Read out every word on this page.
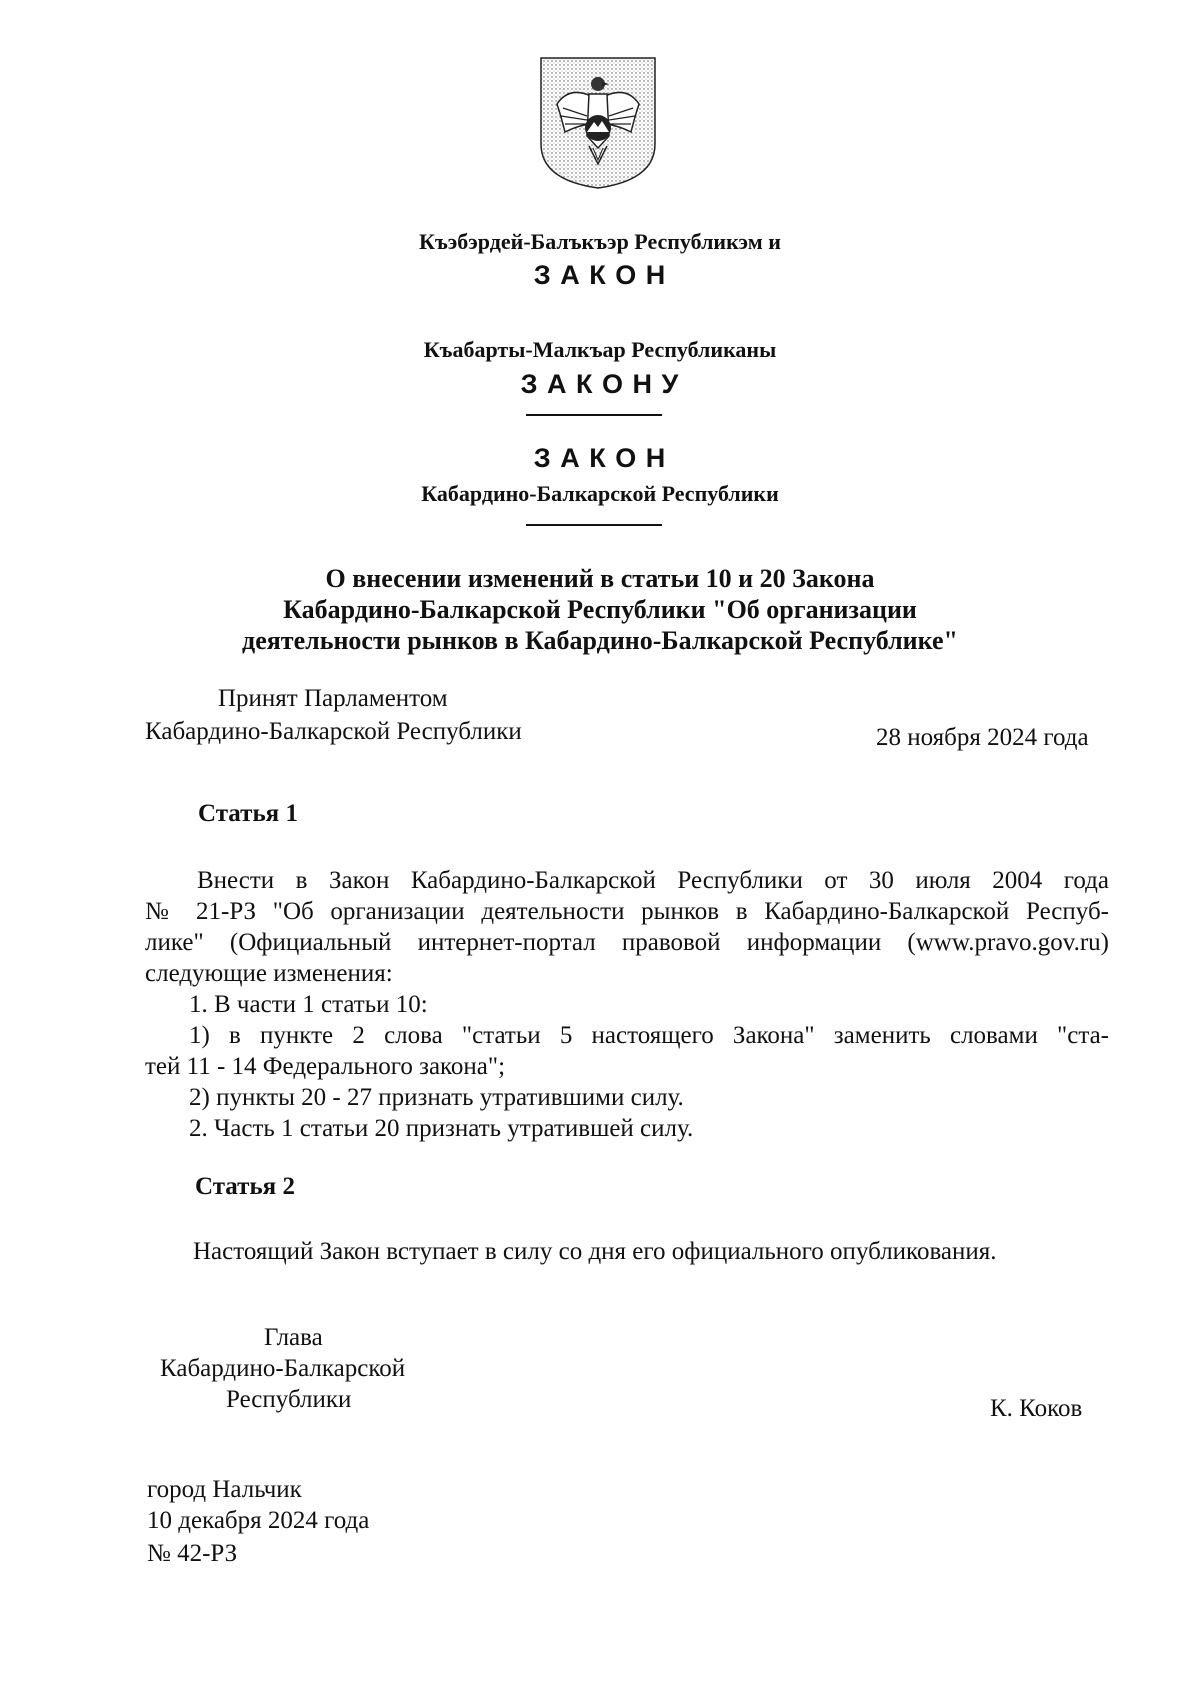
Къэбэрдей-Балъкъэр Республикэм и
З А К О Н
Къабарты-Малкъар Республиканы
З А К О Н У
З А К О Н
Кабардино-Балкарской Республики
О внесении изменений в статьи 10 и 20 Закона
Кабардино-Балкарской Республики "Об организации
деятельности рынков в Кабардино-Балкарской Республике"
Принят Парламентом
Кабардино-Балкарской Республики	28 ноября 2024 года
Статья 1
Внести в Закон Кабардино-Балкарской Республики от 30 июля 2004 года
№ 21-РЗ "Об организации деятельности рынков в Кабардино-Балкарской Респуб-
лике" (Официальный интернет-портал правовой информации (www.pravo.gov.ru)
следующие изменения:
1. В части 1 статьи 10:
1) в пункте 2 слова "статьи 5 настоящего Закона" заменить словами "ста-
тей 11 - 14 Федерального закона";
2) пункты 20 - 27 признать утратившими силу.
2. Часть 1 статьи 20 признать утратившей силу.
Статья 2
Настоящий Закон вступает в силу со дня его официального опубликования.
Глава
Кабардино-Балкарской
Республики	К. Коков
город Нальчик
10 декабря 2024 года
№ 42-РЗ
